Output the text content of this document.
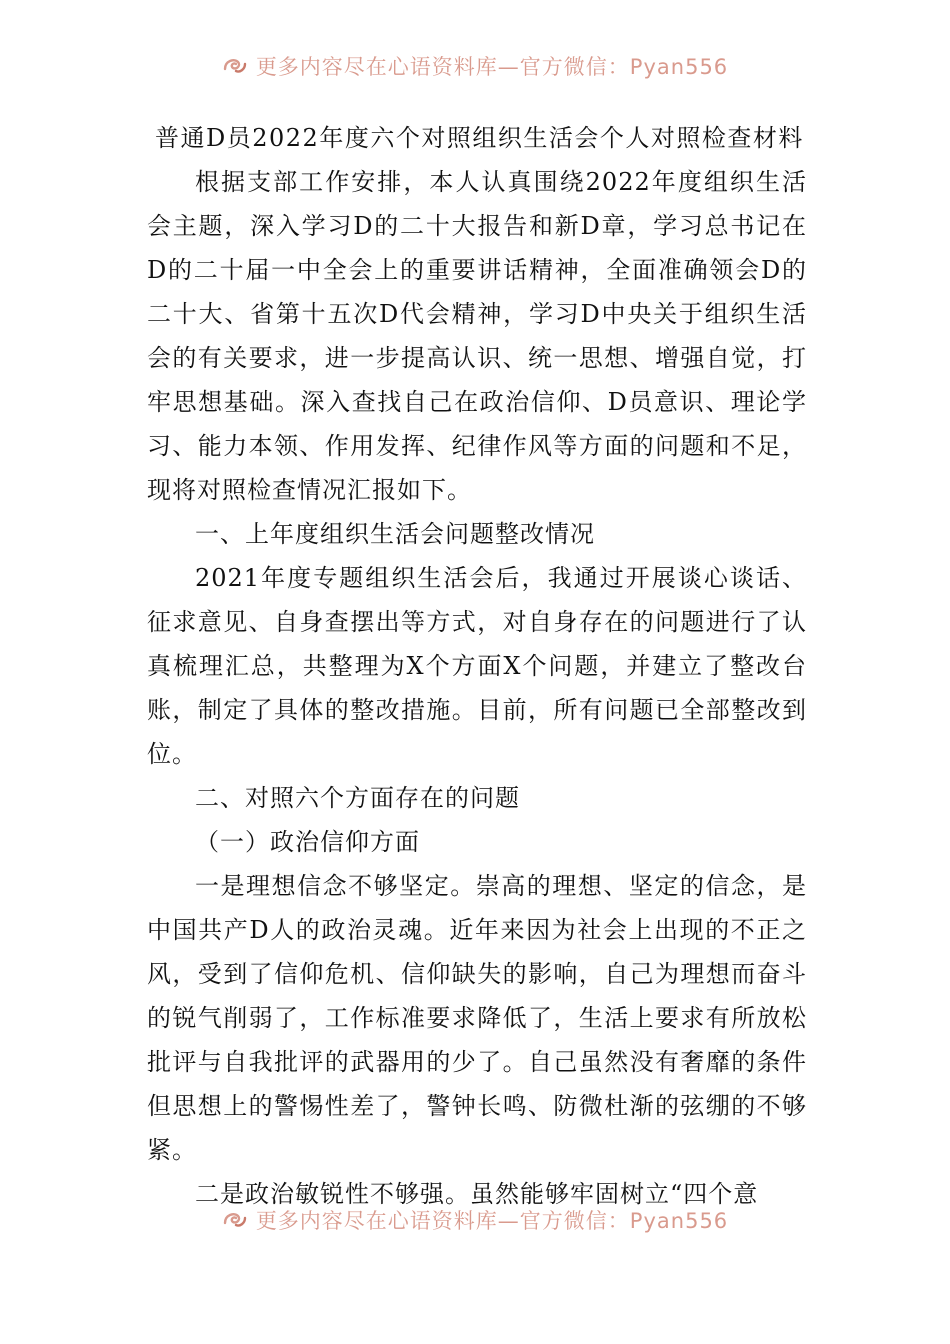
更多内容尽在心语资料库—官方微信：Pyan556

普通D员2022年度六个对照组织生活会个人对照检查材料

根据支部工作安排，本人认真围绕2022年度组织生活会主题，深入学习D的二十大报告和新D章，学习总书记在D的二十届一中全会上的重要讲话精神，全面准确领会D的二十大、省第十五次D代会精神，学习D中央关于组织生活会的有关要求，进一步提高认识、统一思想、增强自觉，打牢思想基础。深入查找自己在政治信仰、D员意识、理论学习、能力本领、作用发挥、纪律作风等方面的问题和不足，现将对照检查情况汇报如下。

一、上年度组织生活会问题整改情况

2021年度专题组织生活会后，我通过开展谈心谈话、征求意见、自身查摆出等方式，对自身存在的问题进行了认真梳理汇总，共整理为X个方面X个问题，并建立了整改台账，制定了具体的整改措施。目前，所有问题已全部整改到位。

二、对照六个方面存在的问题

（一）政治信仰方面

一是理想信念不够坚定。崇高的理想、坚定的信念，是中国共产D人的政治灵魂。近年来因为社会上出现的不正之风，受到了信仰危机、信仰缺失的影响，自己为理想而奋斗的锐气削弱了，工作标准要求降低了，生活上要求有所放松批评与自我批评的武器用的少了。自己虽然没有奢靡的条件但思想上的警惕性差了，警钟长鸣、防微杜渐的弦绷的不够紧。

二是政治敏锐性不够强。虽然能够牢固树立“四个意

更多内容尽在心语资料库—官方微信：Pyan556
